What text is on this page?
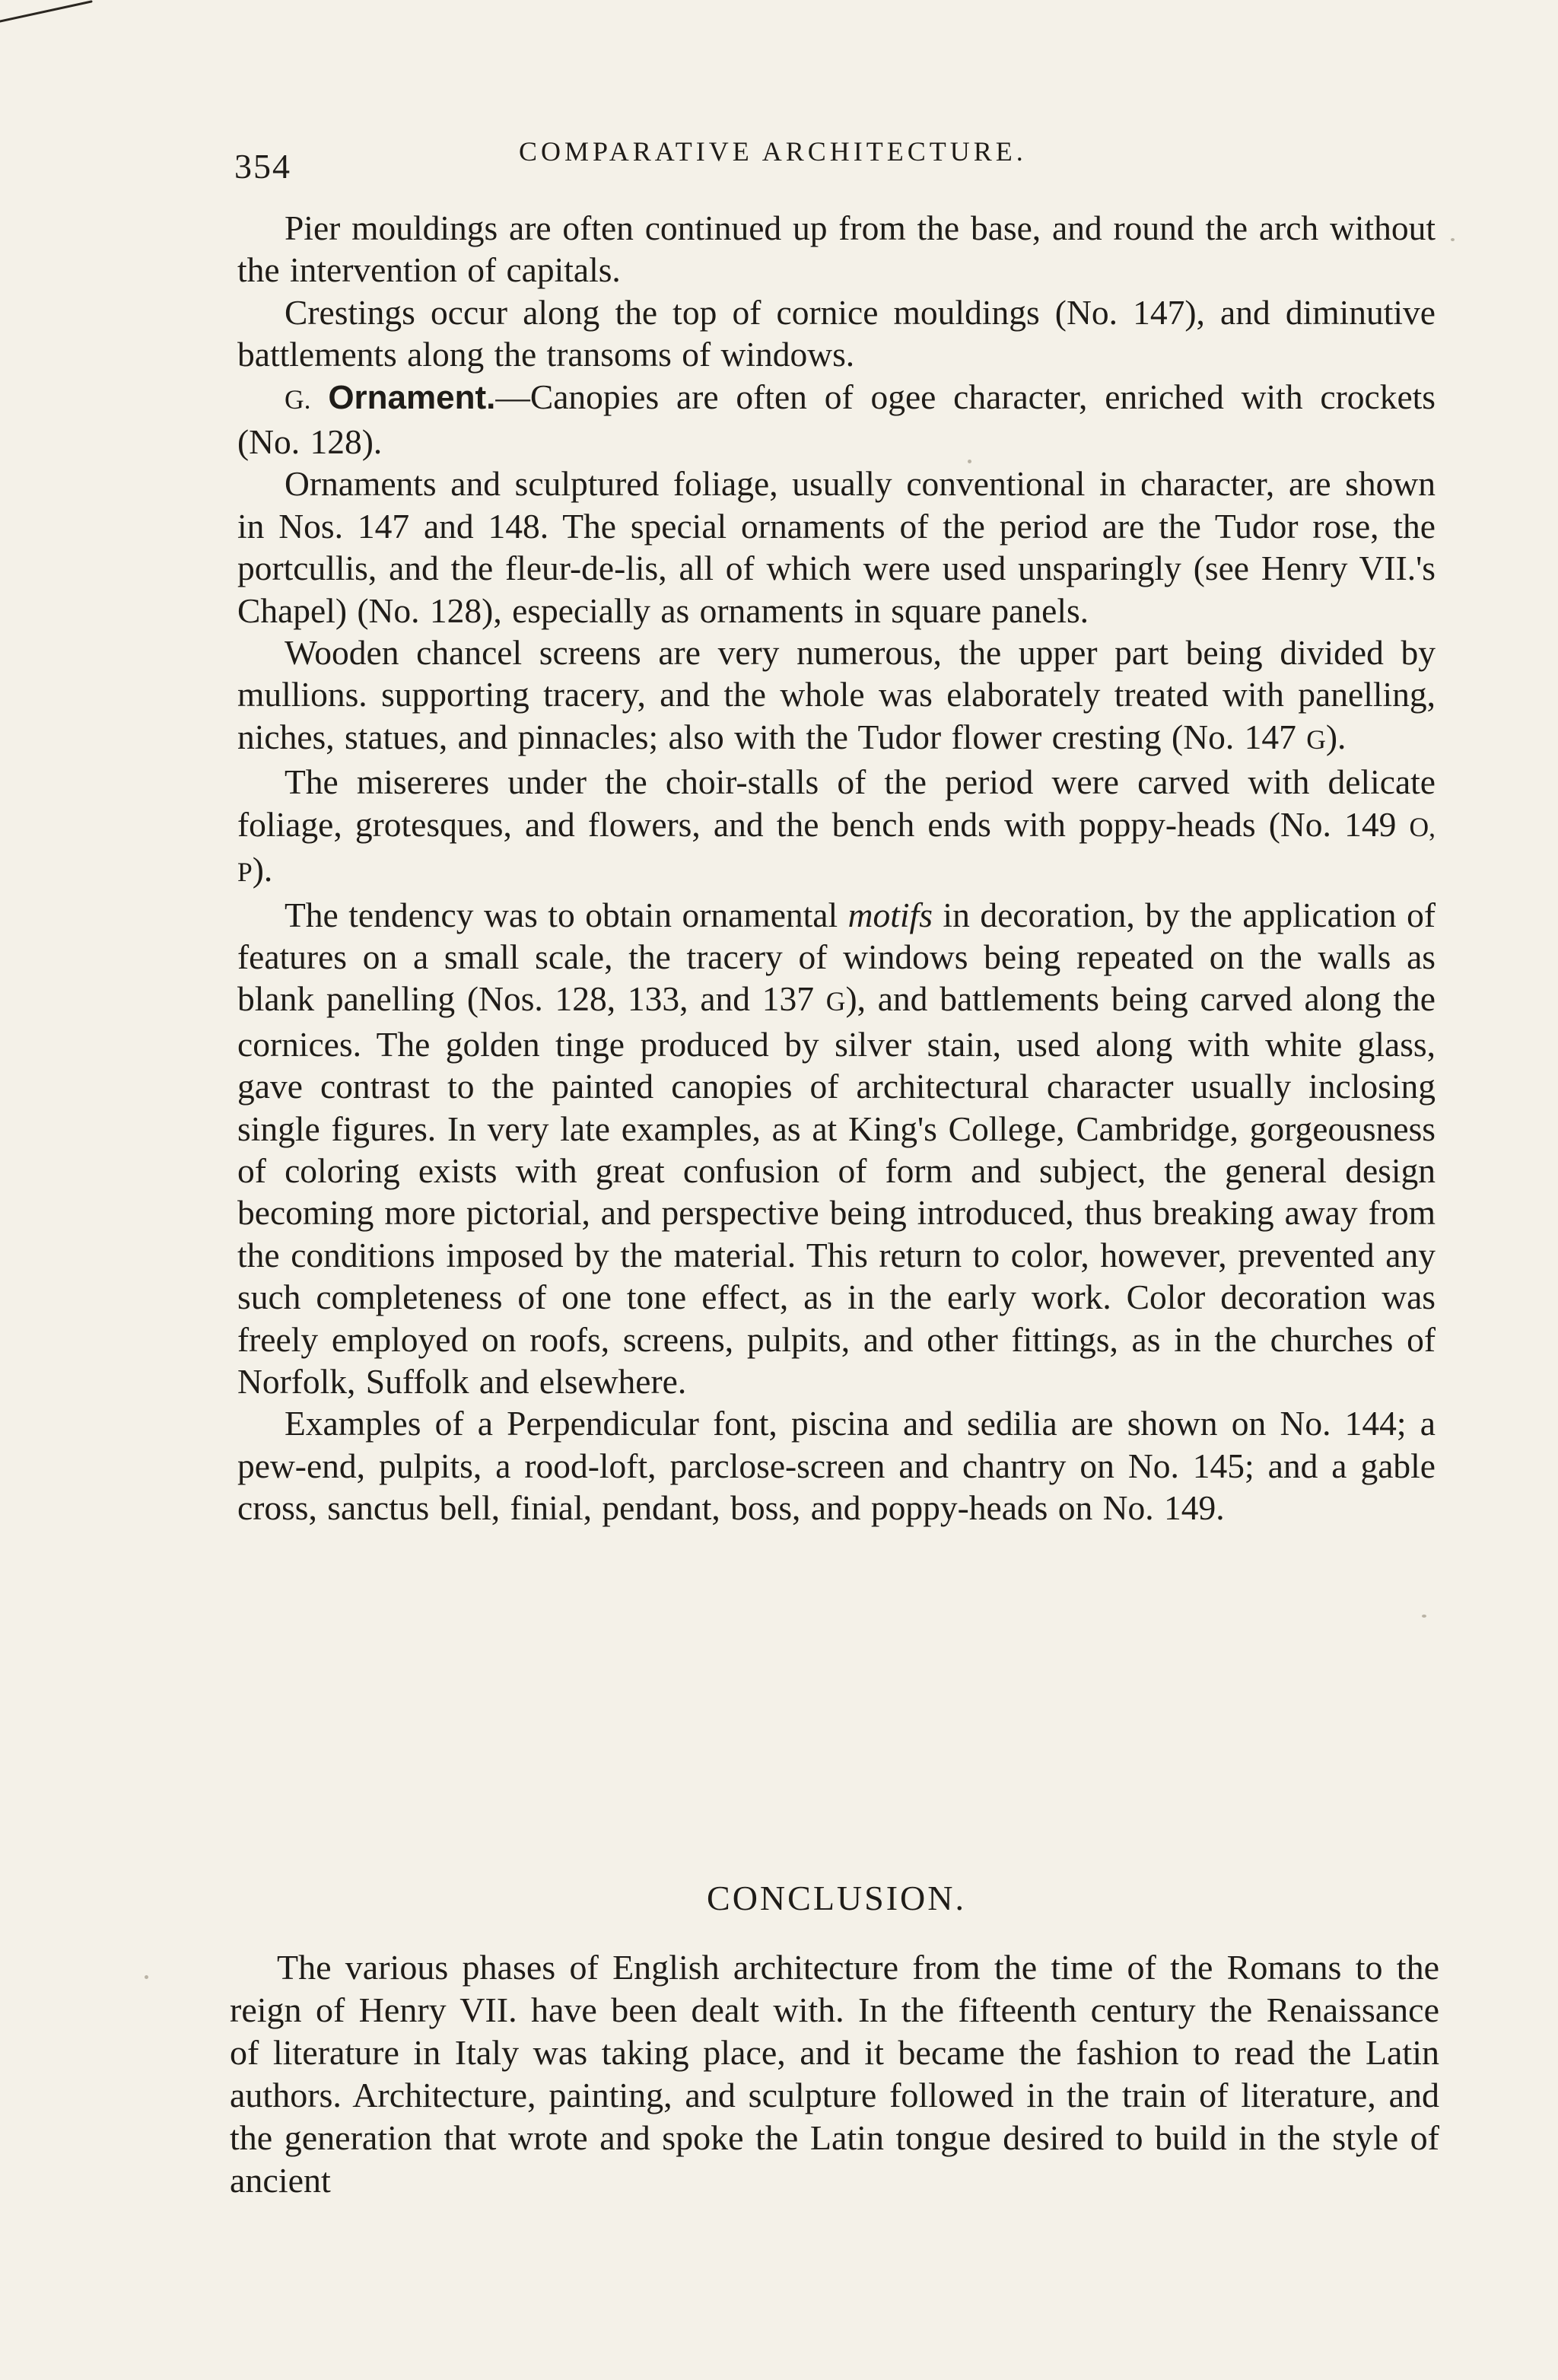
354	COMPARATIVE ARCHITECTURE.

Pier mouldings are often continued up from the base, and round the arch without the intervention of capitals.

Crestings occur along the top of cornice mouldings (No. 147), and diminutive battlements along the transoms of windows.

G. Ornament.—Canopies are often of ogee character, enriched with crockets (No. 128).

Ornaments and sculptured foliage, usually conventional in character, are shown in Nos. 147 and 148. The special ornaments of the period are the Tudor rose, the portcullis, and the fleur-de-lis, all of which were used unsparingly (see Henry VII.'s Chapel) (No. 128), especially as ornaments in square panels.

Wooden chancel screens are very numerous, the upper part being divided by mullions. supporting tracery, and the whole was elaborately treated with panelling, niches, statues, and pinnacles; also with the Tudor flower cresting (No. 147 G).

The misereres under the choir-stalls of the period were carved with delicate foliage, grotesques, and flowers, and the bench ends with poppy-heads (No. 149 O, P).

The tendency was to obtain ornamental motifs in decoration, by the application of features on a small scale, the tracery of windows being repeated on the walls as blank panelling (Nos. 128, 133, and 137 G), and battlements being carved along the cornices. The golden tinge produced by silver stain, used along with white glass, gave contrast to the painted canopies of architectural character usually inclosing single figures. In very late examples, as at King's College, Cambridge, gorgeousness of coloring exists with great confusion of form and subject, the general design becoming more pictorial, and perspective being introduced, thus breaking away from the conditions imposed by the material. This return to color, however, prevented any such completeness of one tone effect, as in the early work. Color decoration was freely employed on roofs, screens, pulpits, and other fittings, as in the churches of Norfolk, Suffolk and elsewhere.

Examples of a Perpendicular font, piscina and sedilia are shown on No. 144; a pew-end, pulpits, a rood-loft, parclose-screen and chantry on No. 145; and a gable cross, sanctus bell, finial, pendant, boss, and poppy-heads on No. 149.

CONCLUSION.

The various phases of English architecture from the time of the Romans to the reign of Henry VII. have been dealt with. In the fifteenth century the Renaissance of literature in Italy was taking place, and it became the fashion to read the Latin authors. Architecture, painting, and sculpture followed in the train of literature, and the generation that wrote and spoke the Latin tongue desired to build in the style of ancient
